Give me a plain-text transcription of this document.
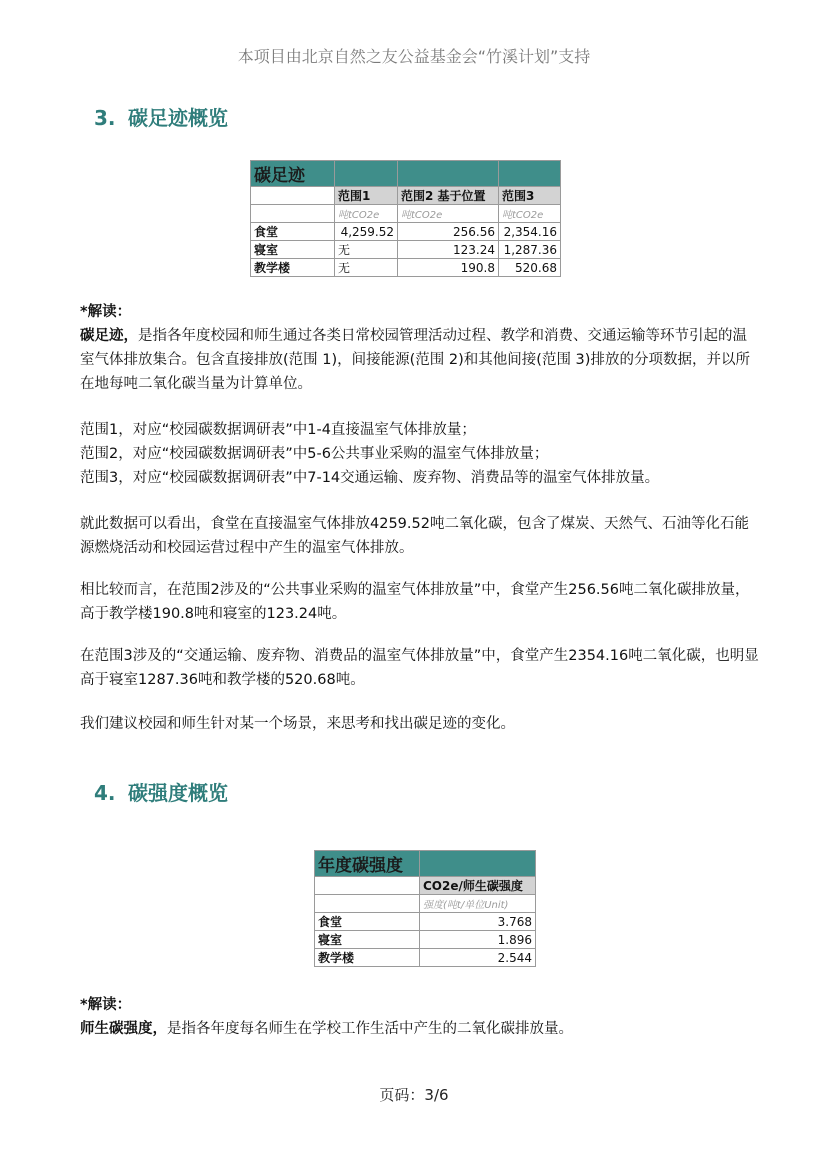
本项目由北京自然之友公益基金会“竹溪计划”支持
3. 碳足迹概览
碳足迹			
	范围1	范围2 基于位置	范围3
	吨tCO2e	吨tCO2e	吨tCO2e
食堂	4,259.52	256.56	2,354.16
寝室	无	123.24	1,287.36
教学楼	无	190.8	520.68
*解读：

碳足迹，是指各年度校园和师生通过各类日常校园管理活动过程、教学和消费、交通运输等环节引起的温室气体排放集合。包含直接排放(范围 1)，间接能源(范围 2)和其他间接(范围 3)排放的分项数据，并以所在地每吨二氧化碳当量为计算单位。

范围1，对应“校园碳数据调研表”中1-4直接温室气体排放量；

范围2，对应“校园碳数据调研表”中5-6公共事业采购的温室气体排放量；

范围3，对应“校园碳数据调研表”中7-14交通运输、废弃物、消费品等的温室气体排放量。

就此数据可以看出，食堂在直接温室气体排放4259.52吨二氧化碳，包含了煤炭、天然气、石油等化石能源燃烧活动和校园运营过程中产生的温室气体排放。
相比较而言，在范围2涉及的“公共事业采购的温室气体排放量”中，食堂产生256.56吨二氧化碳排放量，高于教学楼190.8吨和寝室的123.24吨。
在范围3涉及的“交通运输、废弃物、消费品的温室气体排放量”中，食堂产生2354.16吨二氧化碳，也明显高于寝室1287.36吨和教学楼的520.68吨。
我们建议校园和师生针对某一个场景，来思考和找出碳足迹的变化。
4. 碳强度概览
年度碳强度	
	CO2e/师生碳强度
	强度(吨t/单位Unit)
食堂	3.768
寝室	1.896
教学楼	2.544
*解读：

师生碳强度，是指各年度每名师生在学校工作生活中产生的二氧化碳排放量。

页码：3/6
